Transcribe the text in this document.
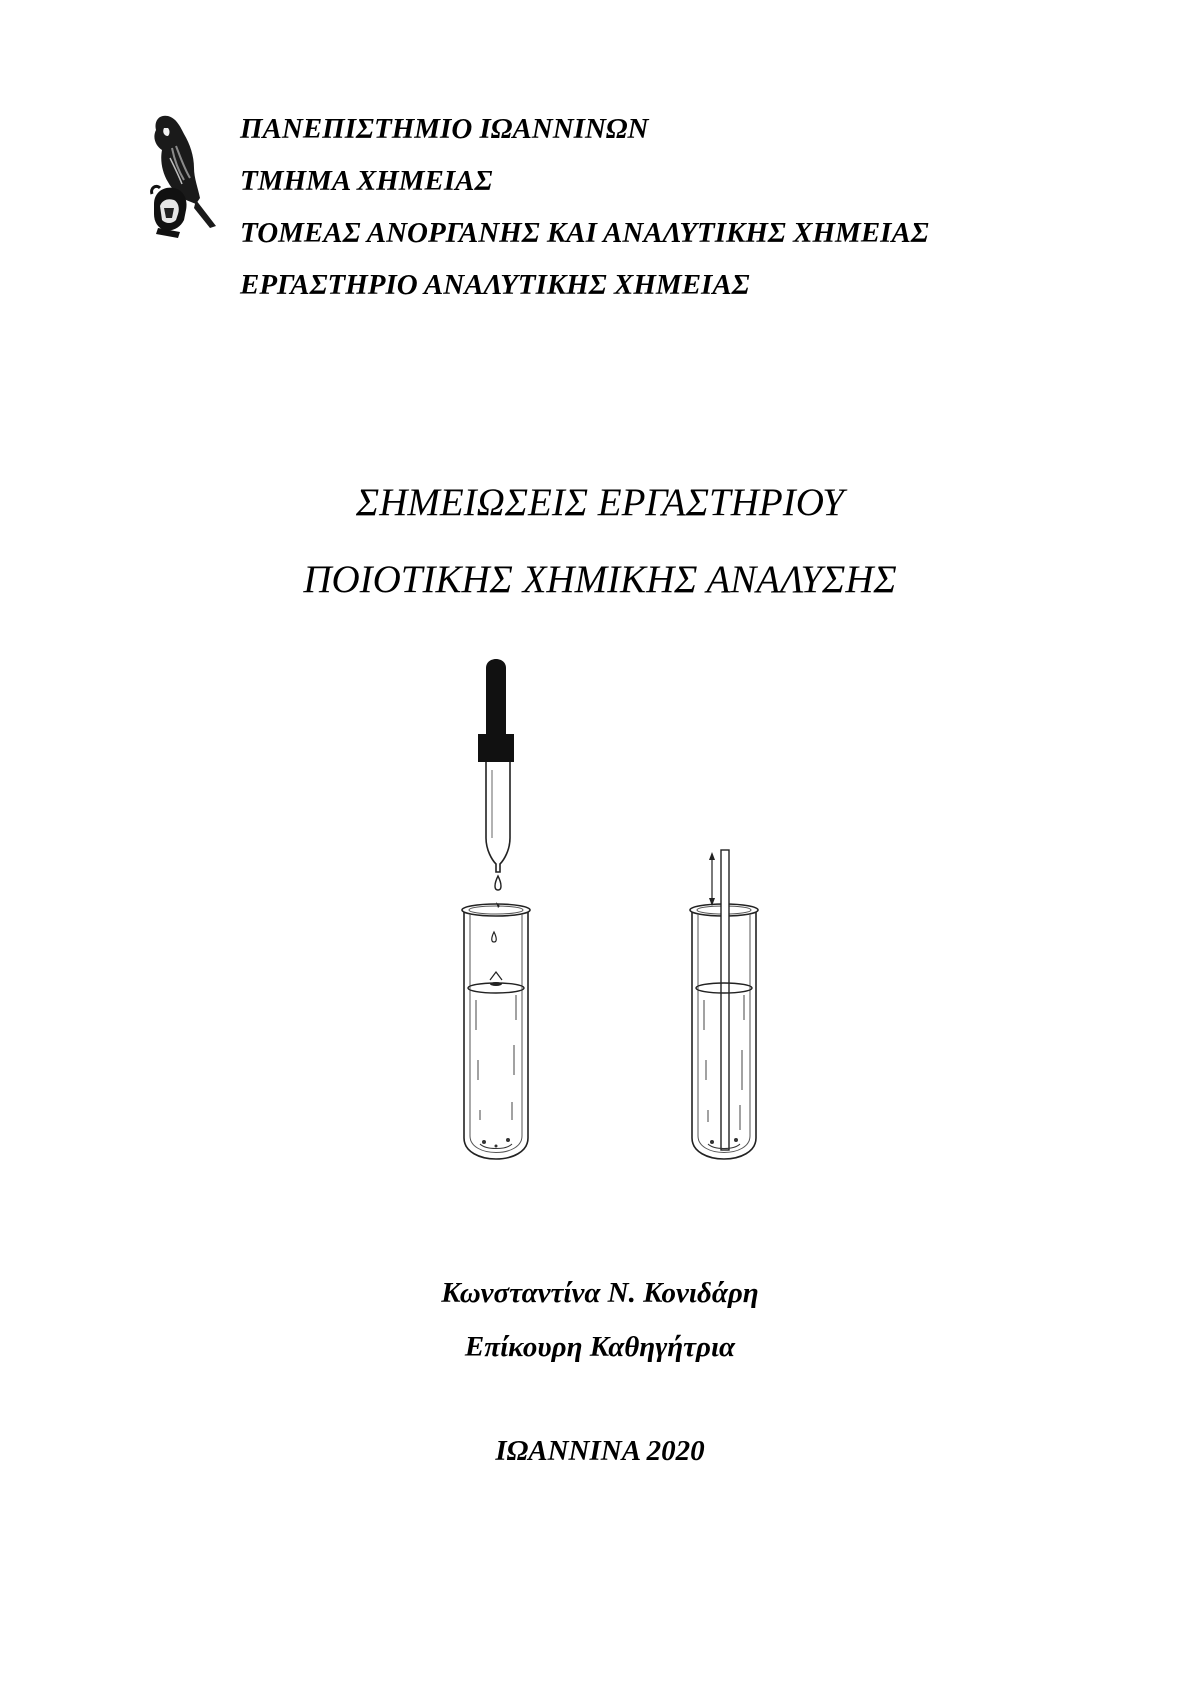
ΠΑΝΕΠΙΣΤΗΜΙΟ ΙΩΑΝΝΙΝΩΝ
ΤΜΗΜΑ ΧΗΜΕΙΑΣ
ΤΟΜΕΑΣ ΑΝΟΡΓΑΝΗΣ ΚΑΙ ΑΝΑΛΥΤΙΚΗΣ ΧΗΜΕΙΑΣ
ΕΡΓΑΣΤΗΡΙΟ ΑΝΑΛΥΤΙΚΗΣ ΧΗΜΕΙΑΣ
ΣΗΜΕΙΩΣΕΙΣ ΕΡΓΑΣΤΗΡΙΟΥ
ΠΟΙΟΤΙΚΗΣ ΧΗΜΙΚΗΣ ΑΝΑΛΥΣΗΣ
Κωνσταντίνα Ν. Κονιδάρη
Επίκουρη Καθηγήτρια
ΙΩΑΝΝΙΝΑ 2020
